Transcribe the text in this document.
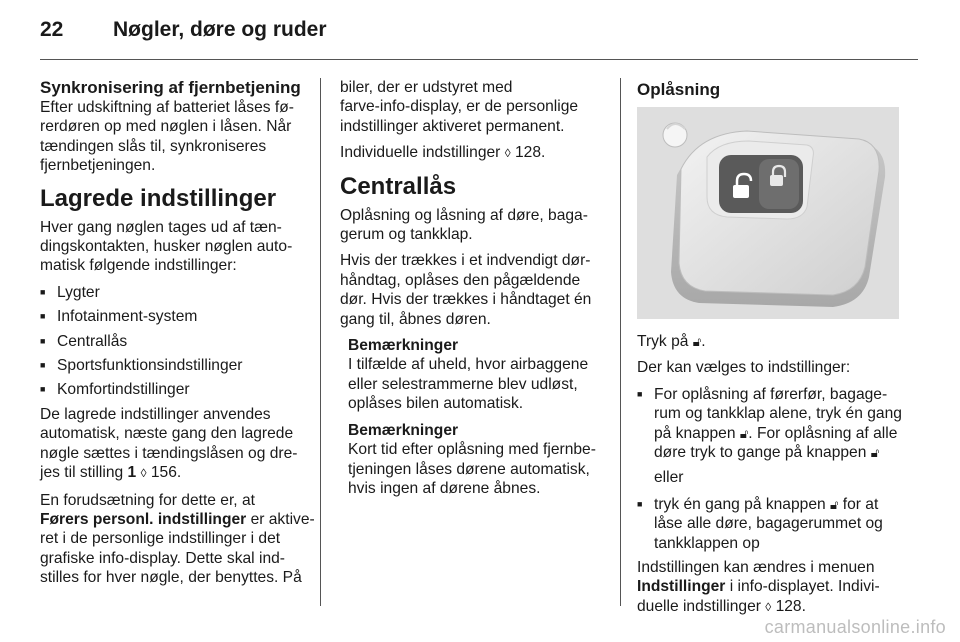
22 Nøgler, døre og ruder
Synkronisering af fjernbetjening

Efter udskiftning af batteriet låses fø-
rerdøren op med nøglen i låsen. Når
tændingen slås til, synkroniseres
fjernbetjeningen.

Lagrede indstillinger

Hver gang nøglen tages ud af tæn-
dingskontakten, husker nøglen auto-
matisk følgende indstillinger:

■ Lygter
■ Infotainment-system
■ Centrallås
■ Sportsfunktionsindstillinger
■ Komfortindstillinger

De lagrede indstillinger anvendes
automatisk, næste gang den lagrede
nøgle sættes i tændingslåsen og dre-
jes til stilling 1 ◊ 156.

En forudsætning for dette er, at
Førers personl. indstillinger er aktive-
ret i de personlige indstillinger i det
grafiske info-display. Dette skal ind-
stilles for hver nøgle, der benyttes. På

biler, der er udstyret med
farve-info-display, er de personlige
indstillinger aktiveret permanent.

Individuelle indstillinger ◊ 128.

Centrallås

Oplåsning og låsning af døre, baga-
gerum og tankklap.

Hvis der trækkes i et indvendigt dør-
håndtag, oplåses den pågældende
dør. Hvis der trækkes i håndtaget én
gang til, åbnes døren.

Bemærkninger

I tilfælde af uheld, hvor airbaggene
eller selestrammerne blev udløst,
oplåses bilen automatisk.

Bemærkninger

Kort tid efter oplåsning med fjernbe-
tjeningen låses dørene automatisk,
hvis ingen af dørene åbnes.

Oplåsning

Tryk på 🔓︎.

Der kan vælges to indstillinger:

■ For oplåsning af førerfør, bagage-
rum og tankklap alene, tryk én gang
på knappen 🔓︎. For oplåsning af alle
døre tryk to gange på knappen 🔓︎

eller

■ tryk én gang på knappen 🔓︎ for at
låse alle døre, bagagerummet og
tankklappen op

Indstillingen kan ændres i menuen
Indstillinger i info-displayet. Indivi-
duelle indstillinger ◊ 128.

carmanualsonline.info
